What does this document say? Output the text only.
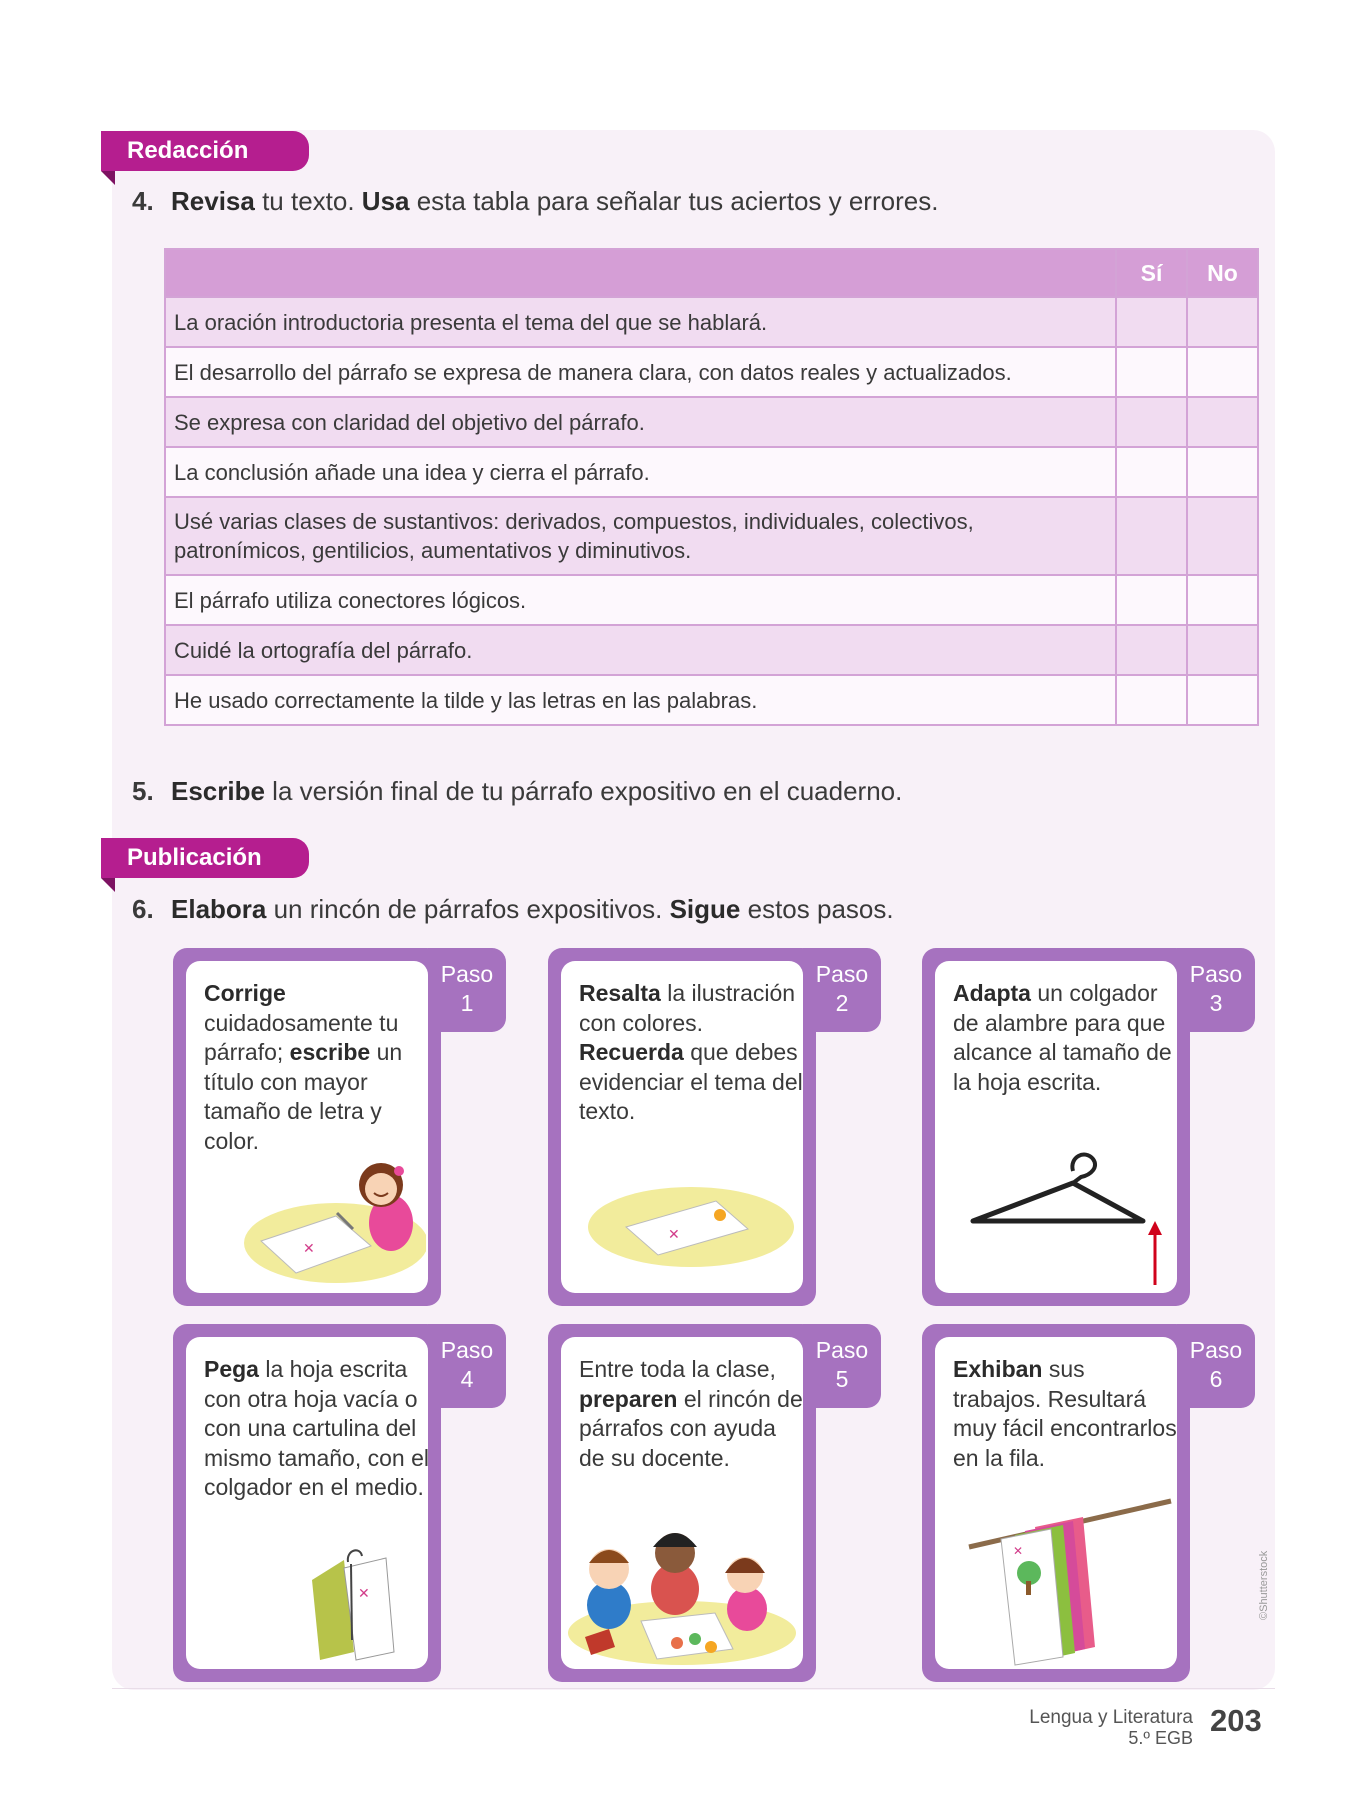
Redacción
4. Revisa tu texto. Usa esta tabla para señalar tus aciertos y errores.
	Sí	No
La oración introductoria presenta el tema del que se hablará.		
El desarrollo del párrafo se expresa de manera clara, con datos reales y actualizados.		
Se expresa con claridad del objetivo del párrafo.		
La conclusión añade una idea y cierra el párrafo.		
Usé varias clases de sustantivos: derivados, compuestos, individuales, colectivos, patronímicos, gentilicios, aumentativos y diminutivos.		
El párrafo utiliza conectores lógicos.		
Cuidé la ortografía del párrafo.		
He usado correctamente la tilde y las letras en las palabras.		
5. Escribe la versión final de tu párrafo expositivo en el cuaderno.
Publicación
6. Elabora un rincón de párrafos expositivos. Sigue estos pasos.
Corrige cuidadosamente tu párrafo; escribe un título con mayor tamaño de letra y color.
✕
Paso
1	Resalta la ilustración con colores. Recuerda que debes evidenciar el tema del texto.
✕
Paso
2	Adapta un colgador de alambre para que alcance al tamaño de la hoja escrita.
Paso
3
Pega la hoja escrita con otra hoja vacía o con una cartulina del mismo tamaño, con el colgador en el medio.
✕
Paso
4	Entre toda la clase, preparen el rincón de párrafos con ayuda de su docente.
Paso
5	Exhiban sus trabajos. Resultará muy fácil encontrarlos en la fila.
✕
Paso
6
©Shutterstock
Lengua y Literatura
5.º EGB 203
